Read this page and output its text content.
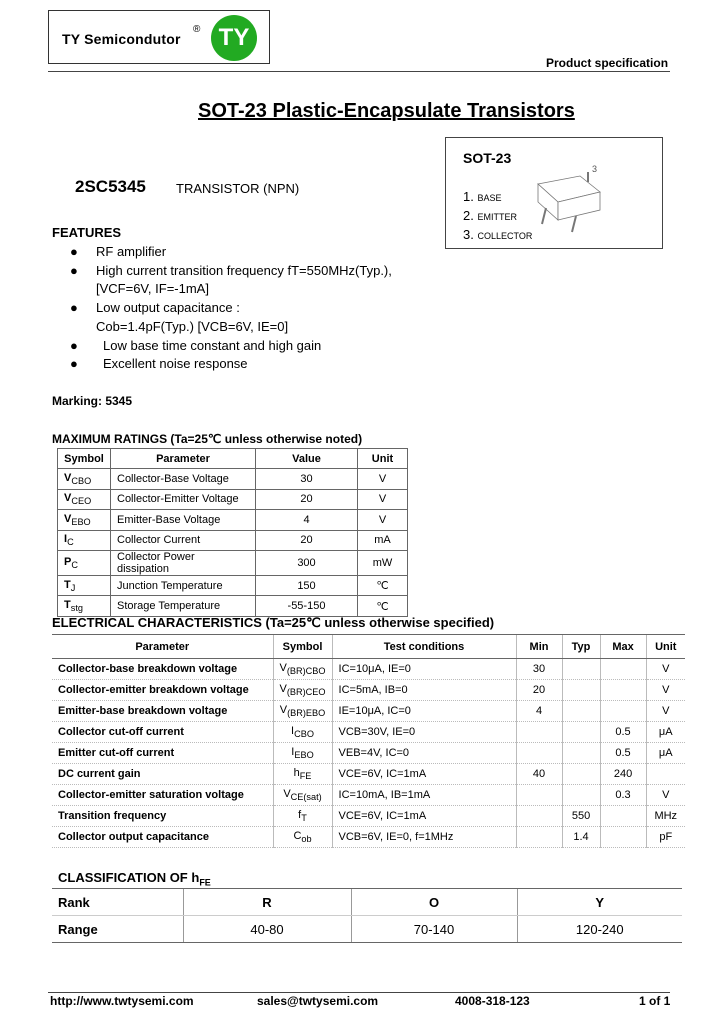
TY Semicondutor
® TY
Product specification
SOT-23 Plastic-Encapsulate Transistors
SOT-23
1. BASE
2. EMITTER
3. COLLECTOR
3
2SC5345 TRANSISTOR (NPN)
FEATURES
● RF amplifier
● High current transition frequency fT=550MHz(Typ.),
[VCF=6V, IF=-1mA]
● Low output capacitance :
Cob=1.4pF(Typ.) [VCB=6V, IE=0]
● Low base time constant and high gain
● Excellent noise response
Marking: 5345
MAXIMUM RATINGS (Ta=25℃ unless otherwise noted)
Symbol	Parameter	Value	Unit
$V_{CBO}$	Collector-Base Voltage	30	V
$V_{CEO}$	Collector-Emitter Voltage	20	V
$V_{EBO}$	Emitter-Base Voltage	4	V
$I_C$	Collector Current	20	mA
$P_C$	Collector Power dissipation	300	mW
$T_J$	Junction Temperature	150	℃
$T_{stg}$	Storage Temperature	-55-150	℃
ELECTRICAL CHARACTERISTICS (Ta=25℃ unless otherwise specified)
Parameter	Symbol	Test conditions	Min	Typ	Max	Unit
Collector-base breakdown voltage	$V_{(BR)CBO}$	IC=10μA, IE=0	30			V
Collector-emitter breakdown voltage	$V_{(BR)CEO}$	IC=5mA, IB=0	20			V
Emitter-base breakdown voltage	$V_{(BR)EBO}$	IE=10μA, IC=0	4			V
Collector cut-off current	$I_{CBO}$	VCB=30V, IE=0			0.5	μA
Emitter cut-off current	$I_{EBO}$	VEB=4V, IC=0			0.5	μA
DC current gain	$h_{FE}$	VCE=6V, IC=1mA	40		240	
Collector-emitter saturation voltage	$V_{CE(sat)}$	IC=10mA, IB=1mA			0.3	V
Transition frequency	$f_T$	VCE=6V, IC=1mA		550		MHz
Collector output capacitance	$C_{ob}$	VCB=6V, IE=0, f=1MHz		1.4		pF
CLASSIFICATION OF $h_{FE}$
Rank	R	O	Y
Range	40-80	70-140	120-240
http://www.twtysemi.com	sales@twtysemi.com	4008-318-123	1 of 1
